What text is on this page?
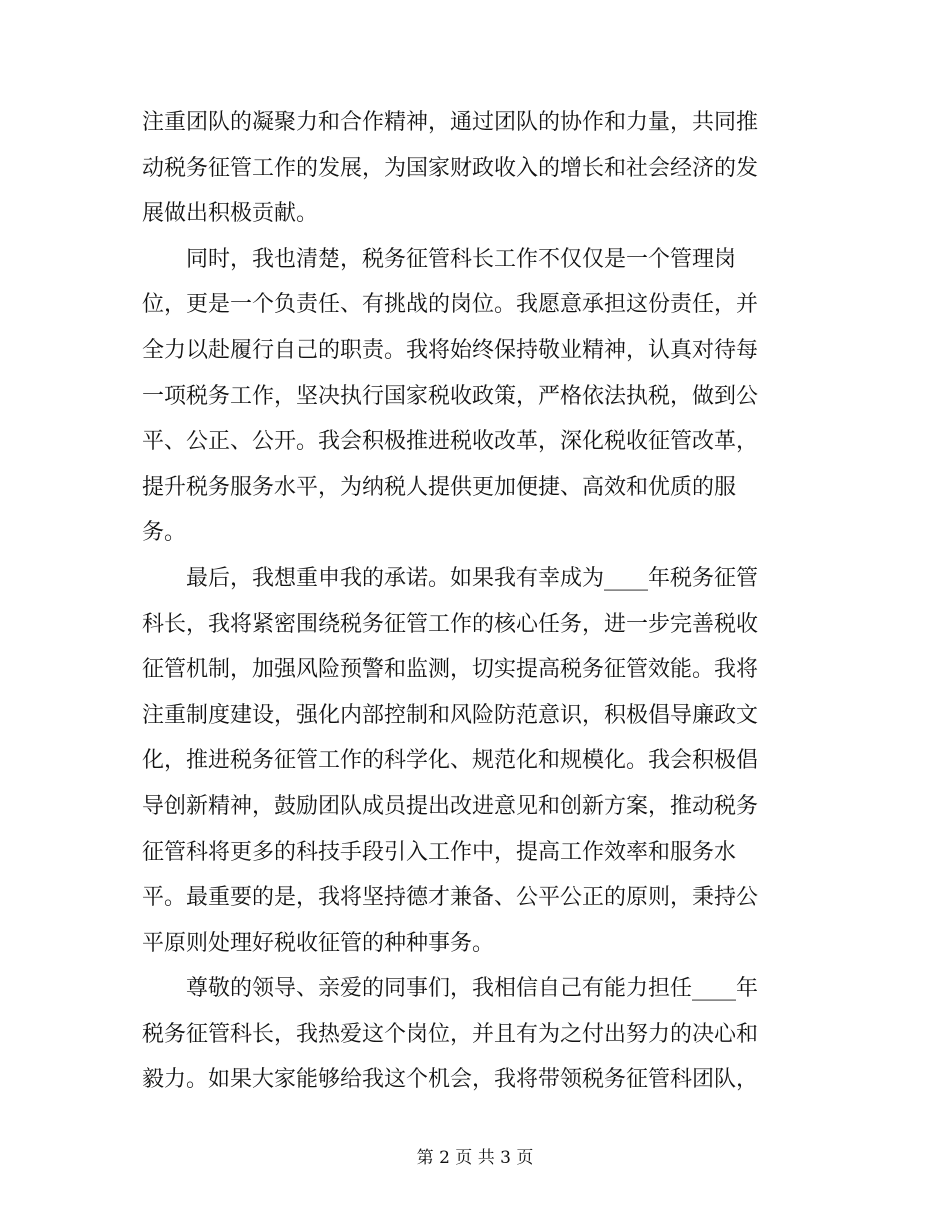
注重团队的凝聚力和合作精神，通过团队的协作和力量，共同推
动税务征管工作的发展，为国家财政收入的增长和社会经济的发
展做出积极贡献。
同时，我也清楚，税务征管科长工作不仅仅是一个管理岗
位，更是一个负责任、有挑战的岗位。我愿意承担这份责任，并
全力以赴履行自己的职责。我将始终保持敬业精神，认真对待每
一项税务工作，坚决执行国家税收政策，严格依法执税，做到公
平、公正、公开。我会积极推进税收改革，深化税收征管改革，
提升税务服务水平，为纳税人提供更加便捷、高效和优质的服
务。
最后，我想重申我的承诺。如果我有幸成为____年税务征管
科长，我将紧密围绕税务征管工作的核心任务，进一步完善税收
征管机制，加强风险预警和监测，切实提高税务征管效能。我将
注重制度建设，强化内部控制和风险防范意识，积极倡导廉政文
化，推进税务征管工作的科学化、规范化和规模化。我会积极倡
导创新精神，鼓励团队成员提出改进意见和创新方案，推动税务
征管科将更多的科技手段引入工作中，提高工作效率和服务水
平。最重要的是，我将坚持德才兼备、公平公正的原则，秉持公
平原则处理好税收征管的种种事务。
尊敬的领导、亲爱的同事们，我相信自己有能力担任____年
税务征管科长，我热爱这个岗位，并且有为之付出努力的决心和
毅力。如果大家能够给我这个机会，我将带领税务征管科团队，
第 2 页 共 3 页
